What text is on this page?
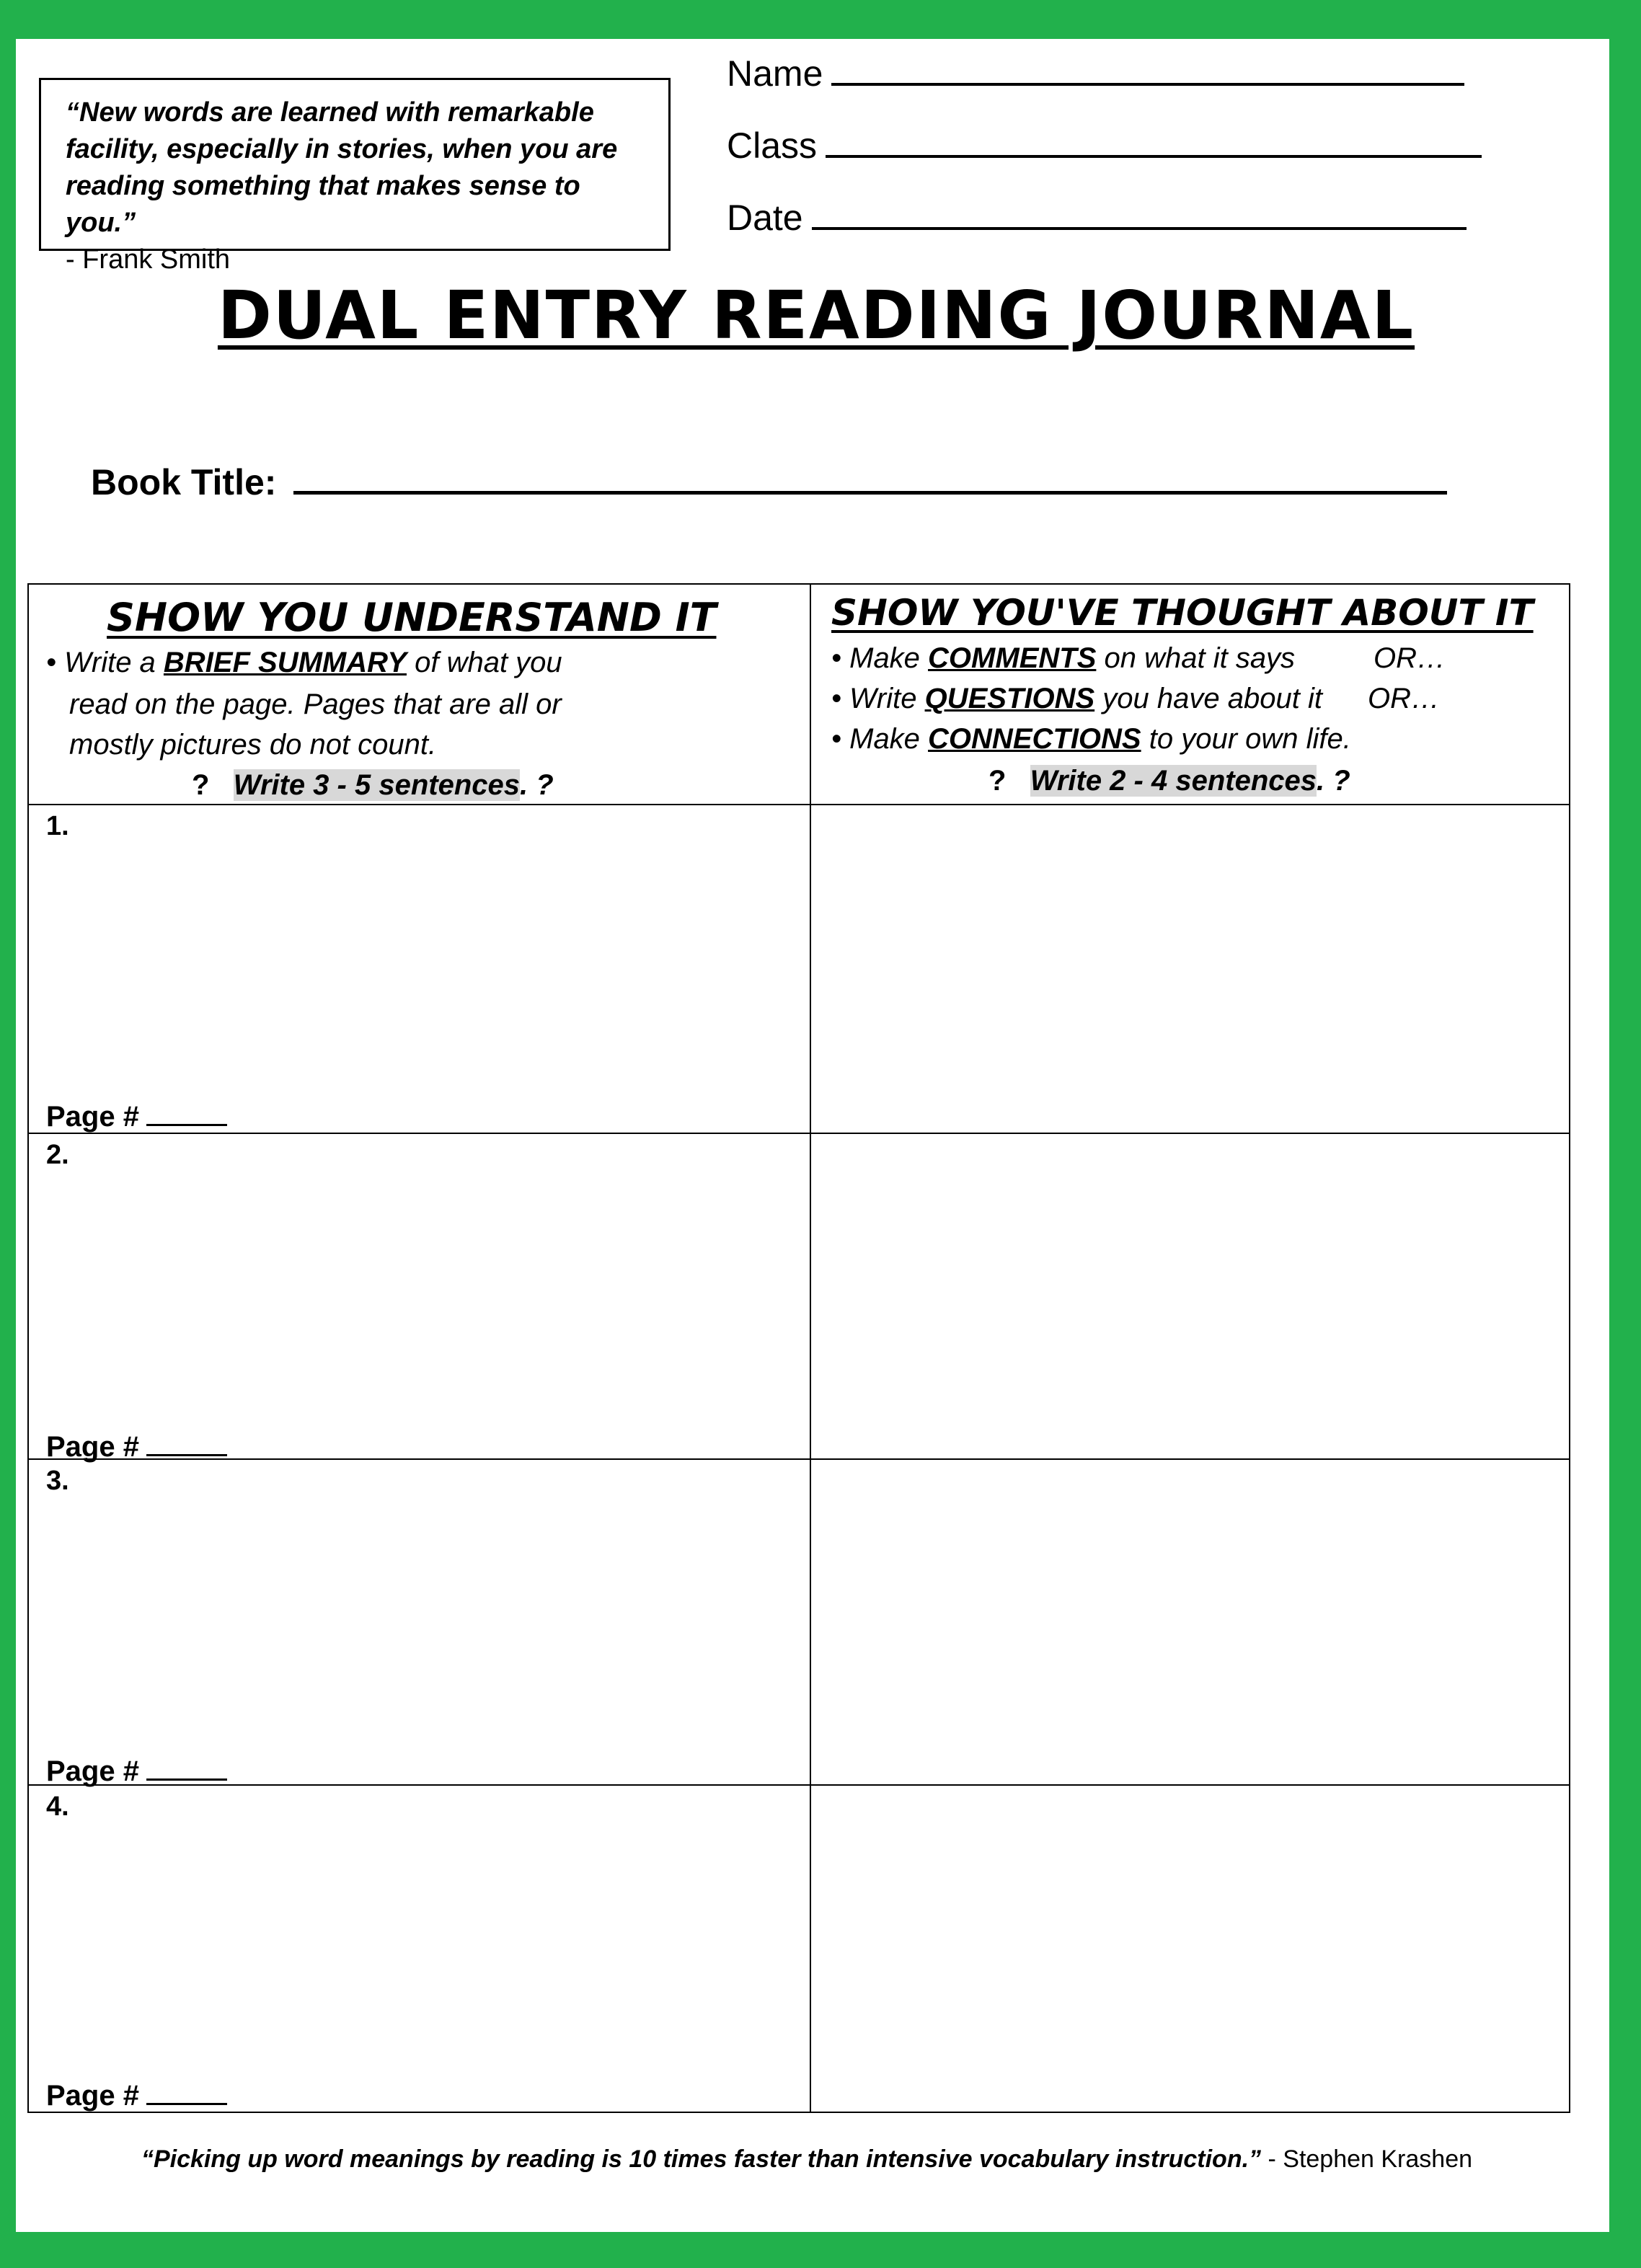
“New words are learned with remarkable facility, especially in stories, when you are reading something that makes sense to you.”
- Frank Smith
Name
Class
Date
DUAL ENTRY READING JOURNAL
Book Title:
SHOW YOU UNDERSTAND IT
• Write a BRIEF SUMMARY of what you
read on the page. Pages that are all or
mostly pictures do not count.
? Write 3 - 5 sentences. ?
SHOW YOU'VE THOUGHT ABOUT IT
• Make COMMENTS on what it says	OR…
• Write QUESTIONS you have about it OR…
• Make CONNECTIONS to your own life.
? Write 2 - 4 sentences. ?
1.
Page #
2.
Page #
3.
Page #
4.
Page #
“Picking up word meanings by reading is 10 times faster than intensive vocabulary instruction.” - Stephen Krashen
